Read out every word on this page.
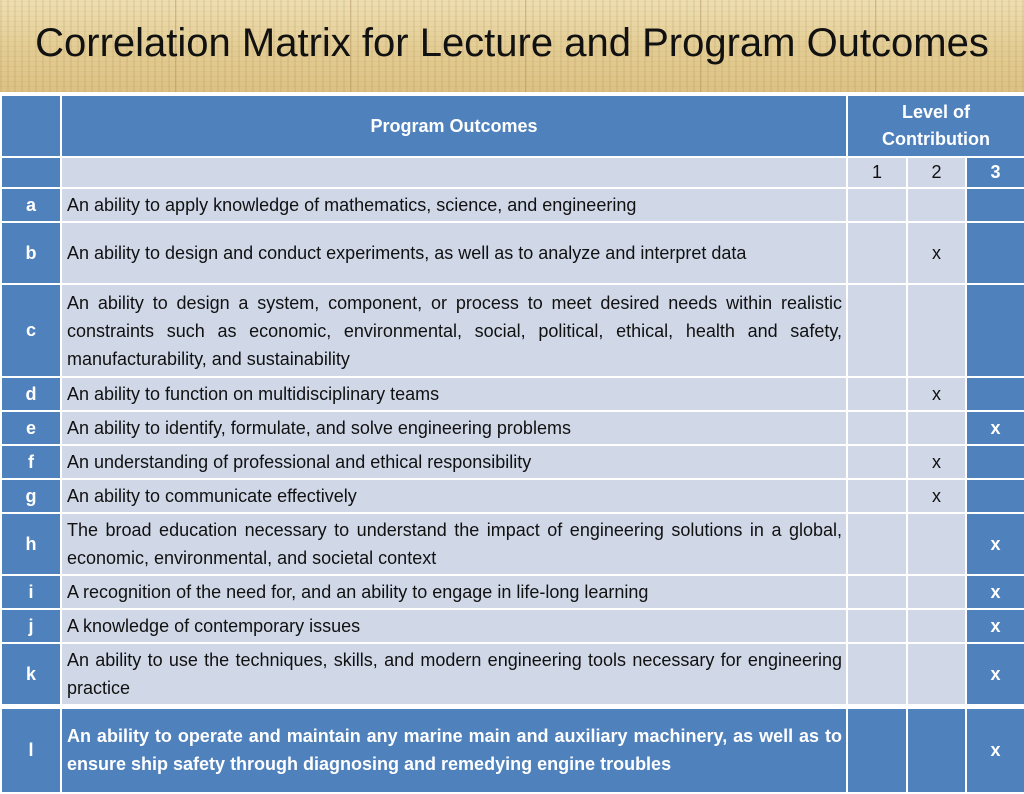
Correlation Matrix for Lecture and Program Outcomes
	Program Outcomes	Level of Contribution		
		1	2	3
a	An ability to apply knowledge of mathematics, science, and engineering			
b	An ability to design and conduct experiments, as well as to analyze and interpret data		x	
c	An ability to design a system, component, or process to meet desired needs within realistic constraints such as economic, environmental, social, political, ethical, health and safety, manufacturability, and sustainability			
d	An ability to function on multidisciplinary teams		x	
e	An ability to identify, formulate, and solve engineering problems			x
f	An understanding of professional and ethical responsibility		x	
g	An ability to communicate effectively		x	
h	The broad education necessary to understand the impact of engineering solutions in a global, economic, environmental, and societal context			x
i	A recognition of the need for, and an ability to engage in life-long learning			x
j	A knowledge of contemporary issues			x
k	An ability to use the techniques, skills, and modern engineering tools necessary for engineering practice			x
l	An ability to operate and maintain any marine main and auxiliary machinery, as well as to ensure ship safety through diagnosing and remedying engine troubles			x
